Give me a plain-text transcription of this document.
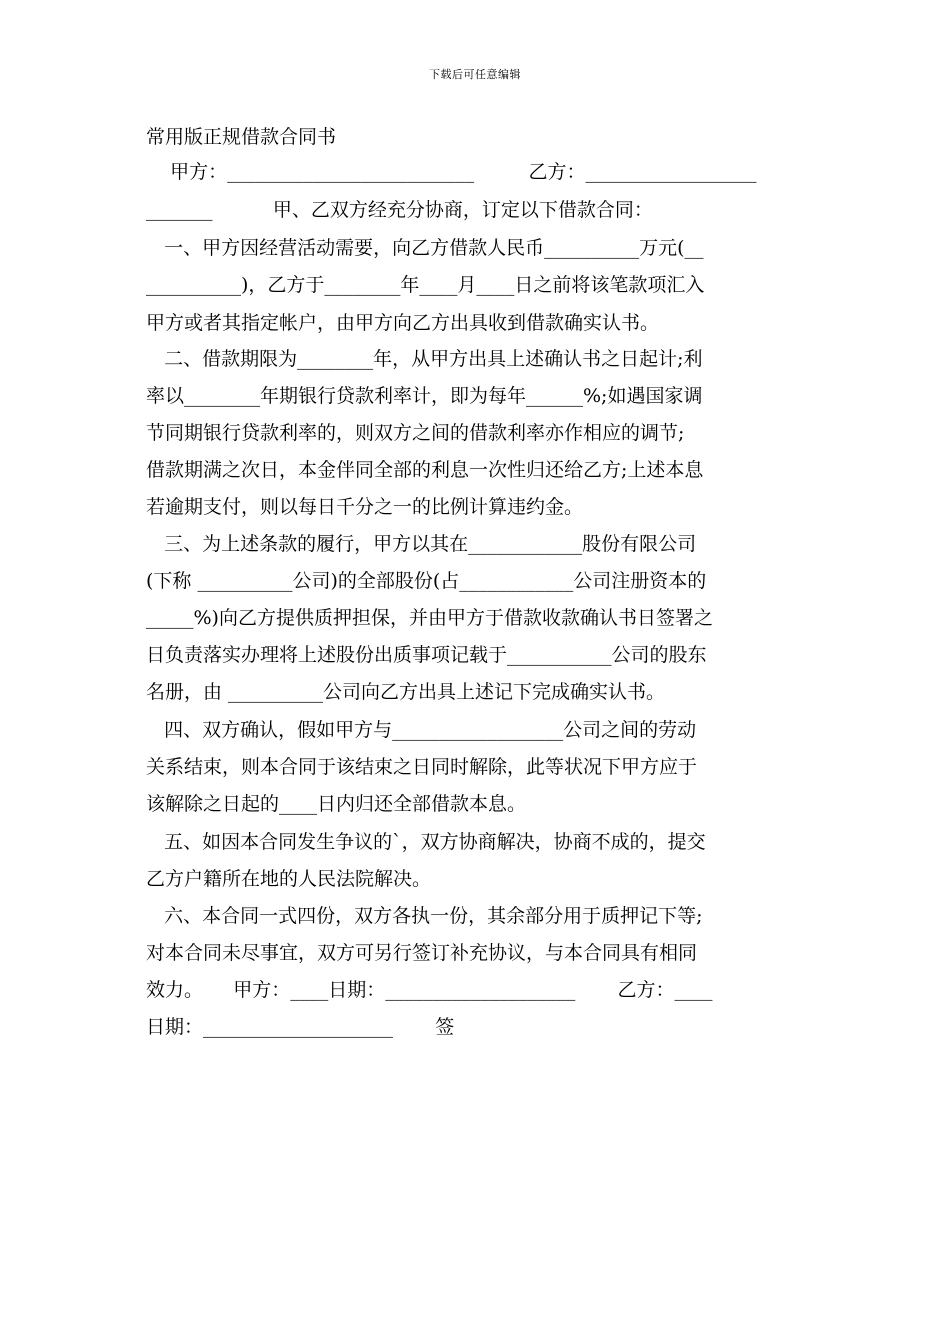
下载后可任意编辑
常用版正规借款合同书
甲方：__________________________         乙方：__________________
_______          甲、乙双方经充分协商，订定以下借款合同：
一、甲方因经营活动需要，向乙方借款人民币__________万元(__
__________)，乙方于________年____月____日之前将该笔款项汇入
甲方或者其指定帐户，由甲方向乙方出具收到借款确实认书。
二、借款期限为________年，从甲方出具上述确认书之日起计;利
率以________年期银行贷款利率计，即为每年______%;如遇国家调
节同期银行贷款利率的，则双方之间的借款利率亦作相应的调节;
借款期满之次日，本金伴同全部的利息一次性归还给乙方;上述本息
若逾期支付，则以每日千分之一的比例计算违约金。
三、为上述条款的履行，甲方以其在____________股份有限公司
(下称 __________公司)的全部股份(占____________公司注册资本的
_____%)向乙方提供质押担保，并由甲方于借款收款确认书日签署之
日负责落实办理将上述股份出质事项记载于___________公司的股东
名册，由 __________公司向乙方出具上述记下完成确实认书。
四、双方确认，假如甲方与__________________公司之间的劳动
关系结束，则本合同于该结束之日同时解除，此等状况下甲方应于
该解除之日起的____日内归还全部借款本息。
五、如因本合同发生争议的`，双方协商解决，协商不成的，提交
乙方户籍所在地的人民法院解决。
六、本合同一式四份，双方各执一份，其余部分用于质押记下等;
对本合同未尽事宜，双方可另行签订补充协议，与本合同具有相同
效力。     甲方：____日期：____________________       乙方：____
日期：____________________       签
